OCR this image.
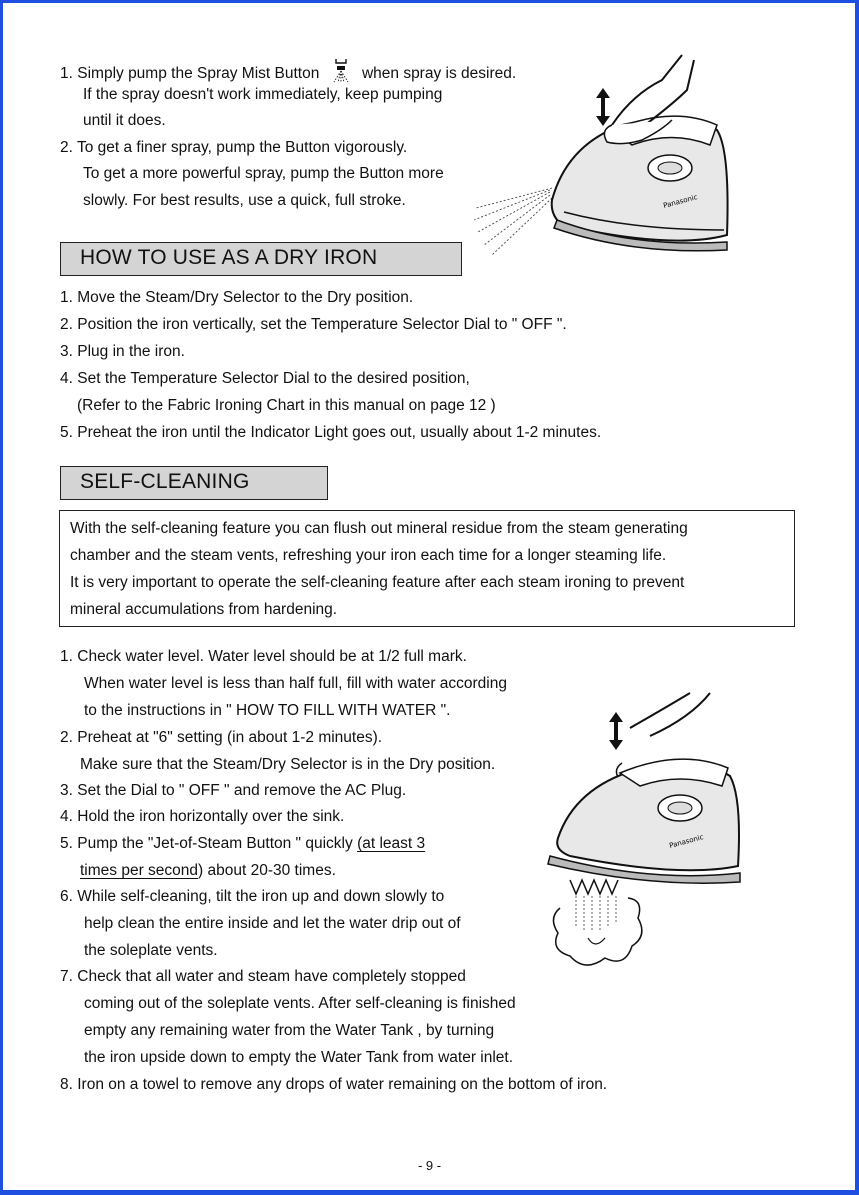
1. Simply pump the Spray Mist Button	when spray is desired.
If the spray doesn't work immediately, keep pumping
until it does.
2. To get a finer spray, pump the Button vigorously.
To get a more powerful spray, pump the Button more
slowly. For best results, use a quick, full stroke.	Panasonic
HOW TO USE AS A DRY IRON
1. Move the Steam/Dry Selector to the Dry position.
2. Position the iron vertically, set the Temperature Selector Dial to " OFF ".
3. Plug in the iron.
4. Set the Temperature Selector Dial to the desired position,
(Refer to the Fabric Ironing Chart in this manual on page 12 )
5. Preheat the iron until the Indicator Light goes out, usually about 1-2 minutes.
SELF-CLEANING
With the self-cleaning feature you can flush out mineral residue from the steam generating
chamber and the steam vents, refreshing your iron each time for a longer steaming life.
It is very important to operate the self-cleaning feature after each steam ironing to prevent
mineral accumulations from hardening.
1. Check water level. Water level should be at 1/2 full mark.
When water level is less than half full, fill with water according
to the instructions in " HOW TO FILL WITH WATER ".
2. Preheat at "6" setting (in about 1-2 minutes).
Make sure that the Steam/Dry Selector is in the Dry position.
3. Set the Dial to " OFF " and remove the AC Plug.
4. Hold the iron horizontally over the sink.
5. Pump the "Jet-of-Steam Button " quickly (at least 3
times per second) about 20-30 times.
6. While self-cleaning, tilt the iron up and down slowly to
help clean the entire inside and let the water drip out of
the soleplate vents.
7. Check that all water and steam have completely stopped
coming out of the soleplate vents. After self-cleaning is finished
empty any remaining water from the Water Tank , by turning
the iron upside down to empty the Water Tank from water inlet.
8. Iron on a towel to remove any drops of water remaining on the bottom of iron.
Panasonic
- 9 -
